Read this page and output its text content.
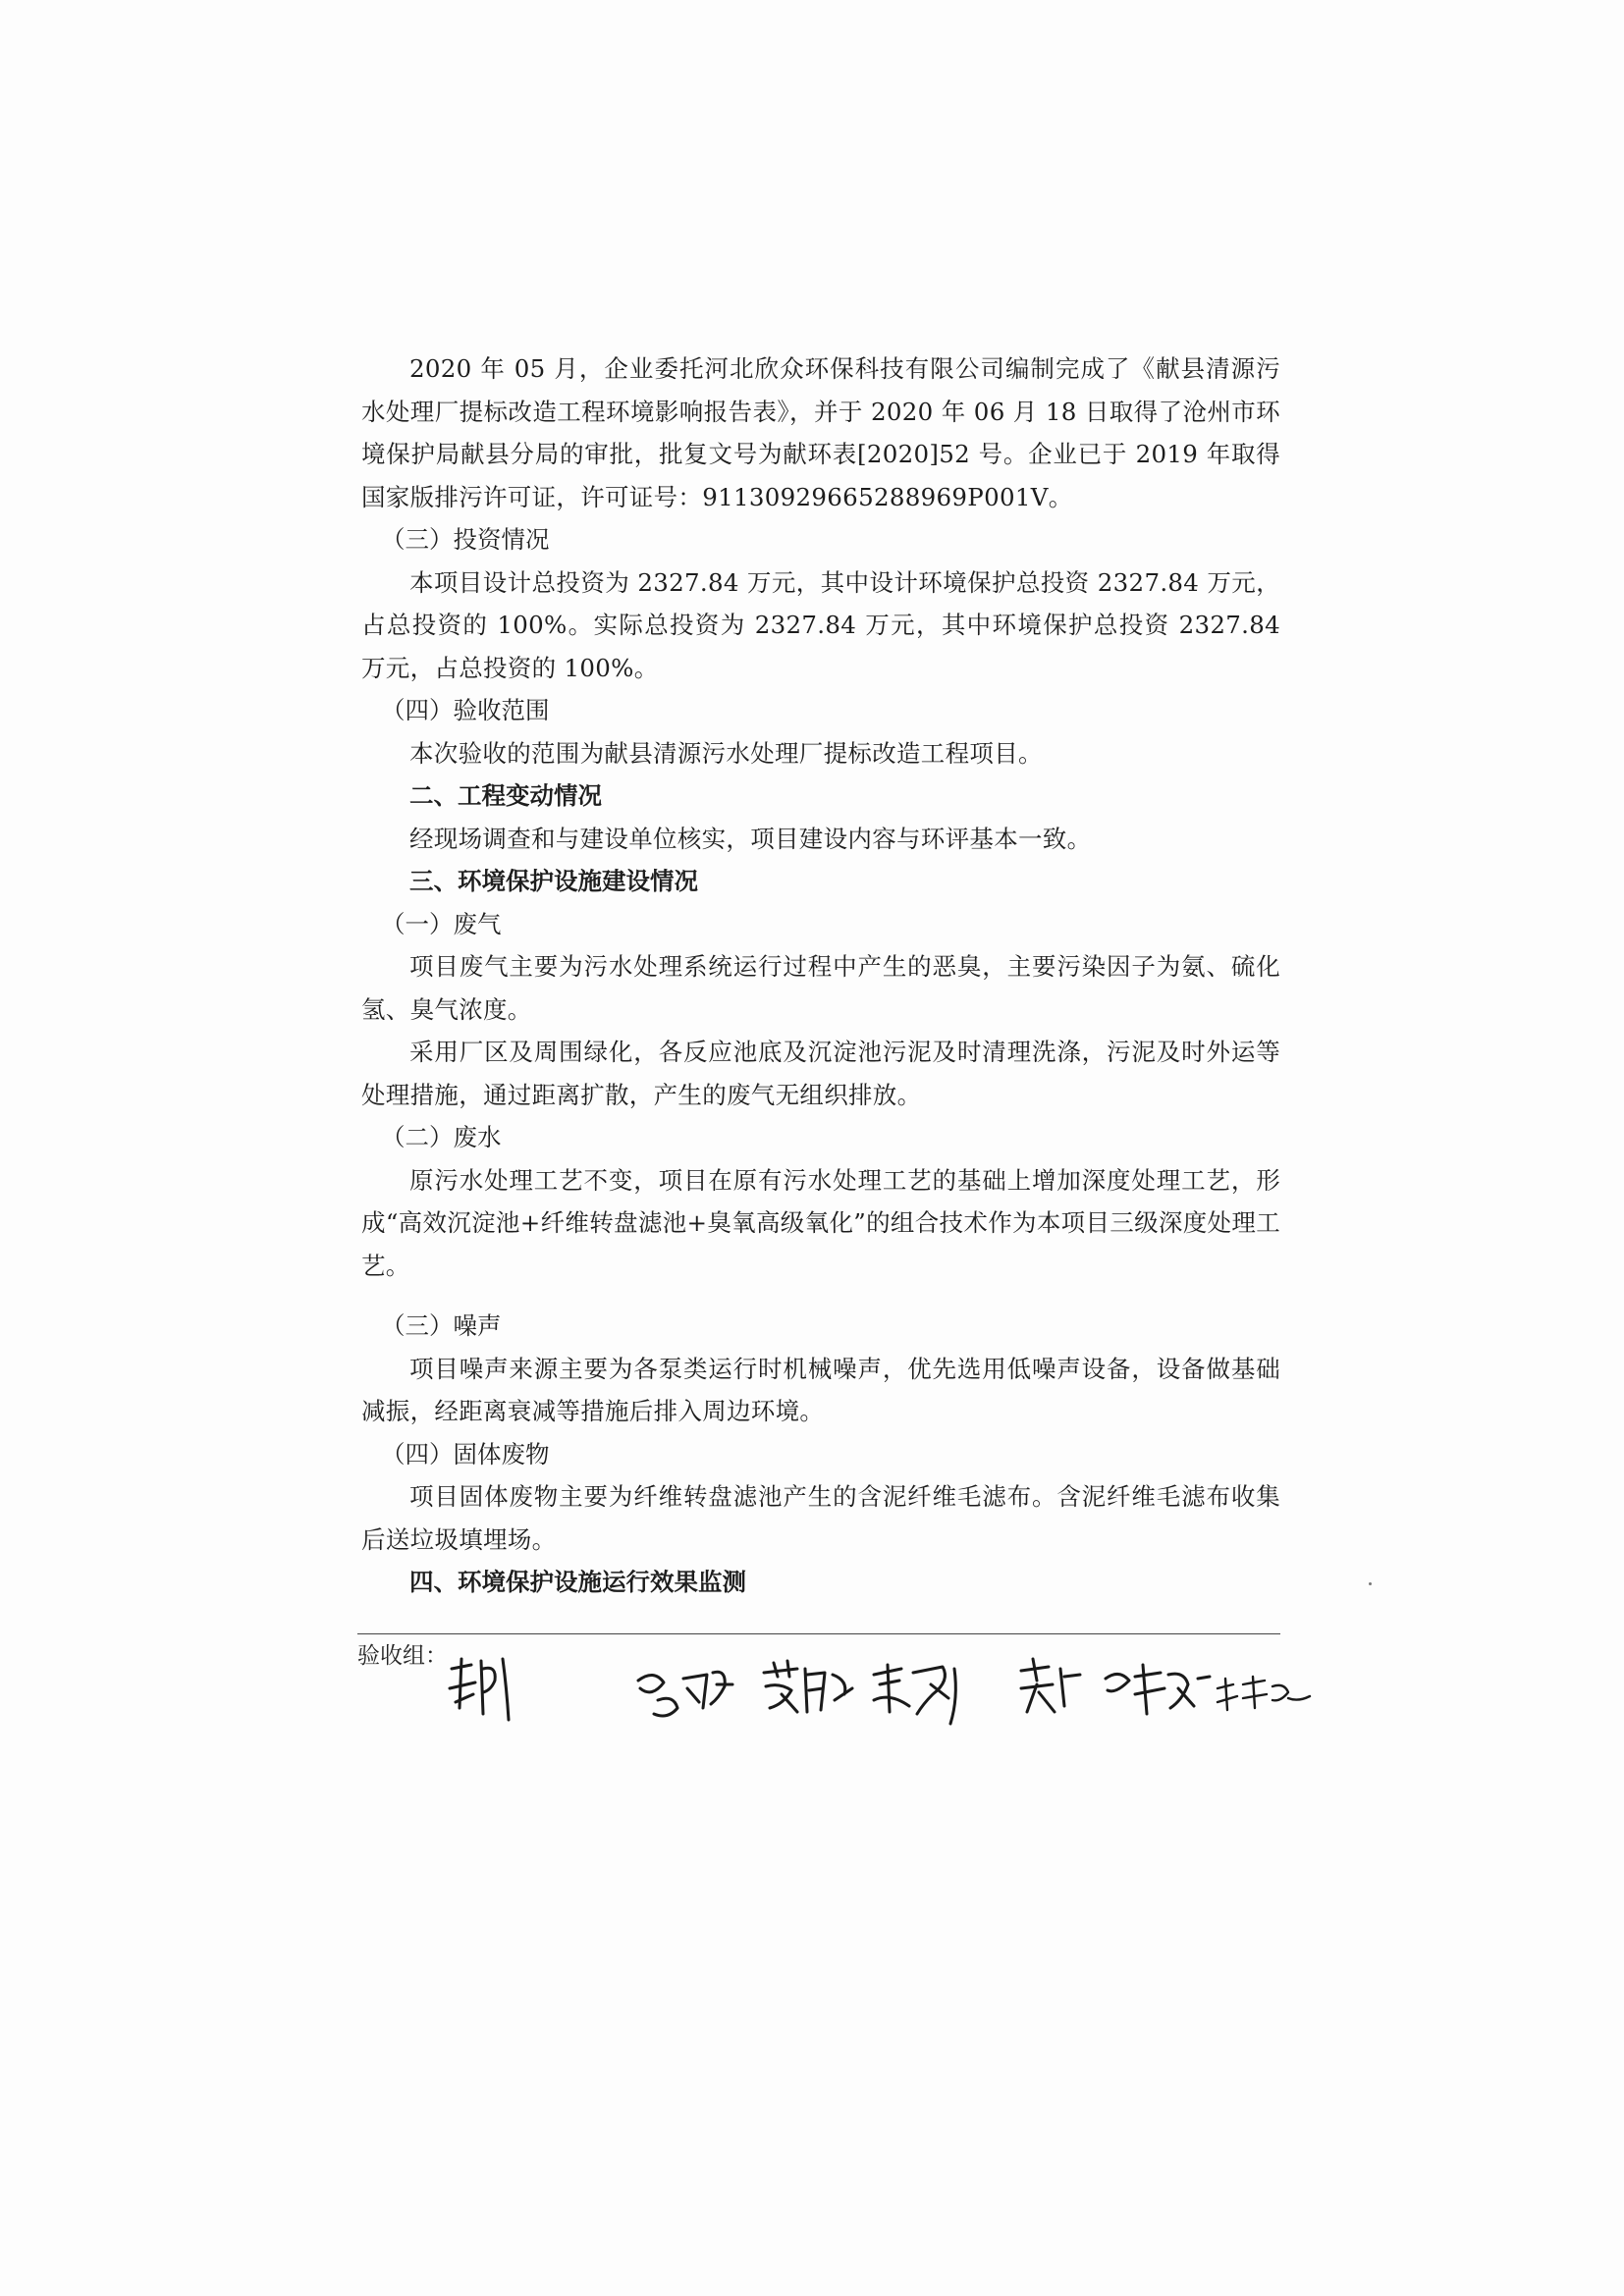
2020 年 05 月，企业委托河北欣众环保科技有限公司编制完成了《献县清源污水处理厂提标改造工程环境影响报告表》，并于 2020 年 06 月 18 日取得了沧州市环境保护局献县分局的审批，批复文号为献环表[2020]52 号。企业已于 2019 年取得国家版排污许可证，许可证号：91130929665288969P001V。

（三）投资情况

本项目设计总投资为 2327.84 万元，其中设计环境保护总投资 2327.84 万元，占总投资的 100%。实际总投资为 2327.84 万元，其中环境保护总投资 2327.84 万元，占总投资的 100%。

（四）验收范围

本次验收的范围为献县清源污水处理厂提标改造工程项目。

二、工程变动情况

经现场调查和与建设单位核实，项目建设内容与环评基本一致。

三、环境保护设施建设情况

（一）废气

项目废气主要为污水处理系统运行过程中产生的恶臭，主要污染因子为氨、硫化氢、臭气浓度。

采用厂区及周围绿化，各反应池底及沉淀池污泥及时清理洗涤，污泥及时外运等处理措施，通过距离扩散，产生的废气无组织排放。

（二）废水

原污水处理工艺不变，项目在原有污水处理工艺的基础上增加深度处理工艺，形成“高效沉淀池+纤维转盘滤池+臭氧高级氧化”的组合技术作为本项目三级深度处理工艺。

（三）噪声

项目噪声来源主要为各泵类运行时机械噪声，优先选用低噪声设备，设备做基础减振，经距离衰减等措施后排入周边环境。

（四）固体废物

项目固体废物主要为纤维转盘滤池产生的含泥纤维毛滤布。含泥纤维毛滤布收集后送垃圾填埋场。

四、环境保护设施运行效果监测

验收组：
